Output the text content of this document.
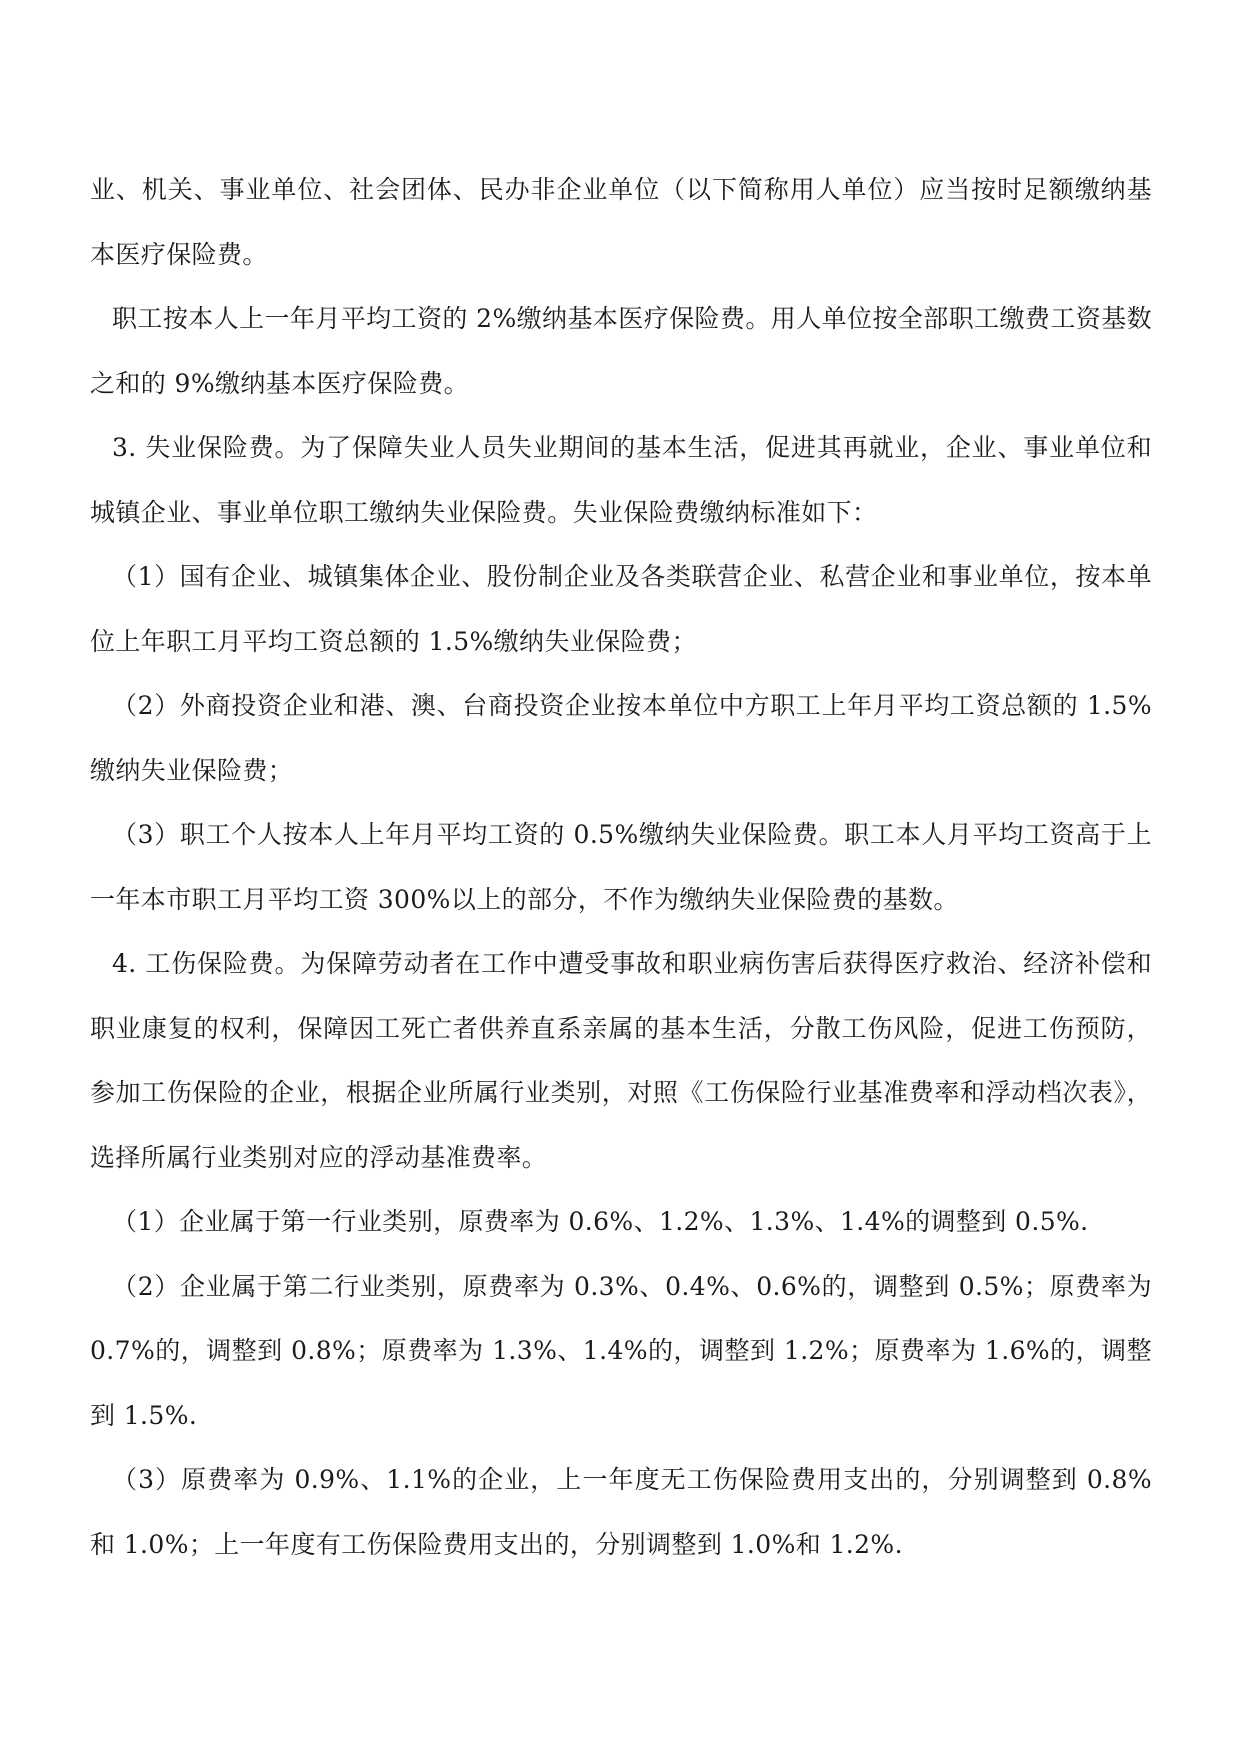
业、机关、事业单位、社会团体、民办非企业单位（以下简称用人单位）应当按时足额缴纳基本医疗保险费。

职工按本人上一年月平均工资的 2%缴纳基本医疗保险费。用人单位按全部职工缴费工资基数之和的 9%缴纳基本医疗保险费。

3. 失业保险费。为了保障失业人员失业期间的基本生活，促进其再就业，企业、事业单位和城镇企业、事业单位职工缴纳失业保险费。失业保险费缴纳标准如下：

（1）国有企业、城镇集体企业、股份制企业及各类联营企业、私营企业和事业单位，按本单位上年职工月平均工资总额的 1.5%缴纳失业保险费；

（2）外商投资企业和港、澳、台商投资企业按本单位中方职工上年月平均工资总额的 1.5%缴纳失业保险费；

（3）职工个人按本人上年月平均工资的 0.5%缴纳失业保险费。职工本人月平均工资高于上一年本市职工月平均工资 300%以上的部分，不作为缴纳失业保险费的基数。

4. 工伤保险费。为保障劳动者在工作中遭受事故和职业病伤害后获得医疗救治、经济补偿和职业康复的权利，保障因工死亡者供养直系亲属的基本生活，分散工伤风险，促进工伤预防，参加工伤保险的企业，根据企业所属行业类别，对照《工伤保险行业基准费率和浮动档次表》，选择所属行业类别对应的浮动基准费率。

（1）企业属于第一行业类别，原费率为 0.6%、1.2%、1.3%、1.4%的调整到 0.5%.

（2）企业属于第二行业类别，原费率为 0.3%、0.4%、0.6%的，调整到 0.5%；原费率为 0.7%的，调整到 0.8%；原费率为 1.3%、1.4%的，调整到 1.2%；原费率为 1.6%的，调整到 1.5%.

（3）原费率为 0.9%、1.1%的企业，上一年度无工伤保险费用支出的，分别调整到 0.8%和 1.0%；上一年度有工伤保险费用支出的，分别调整到 1.0%和 1.2%.
